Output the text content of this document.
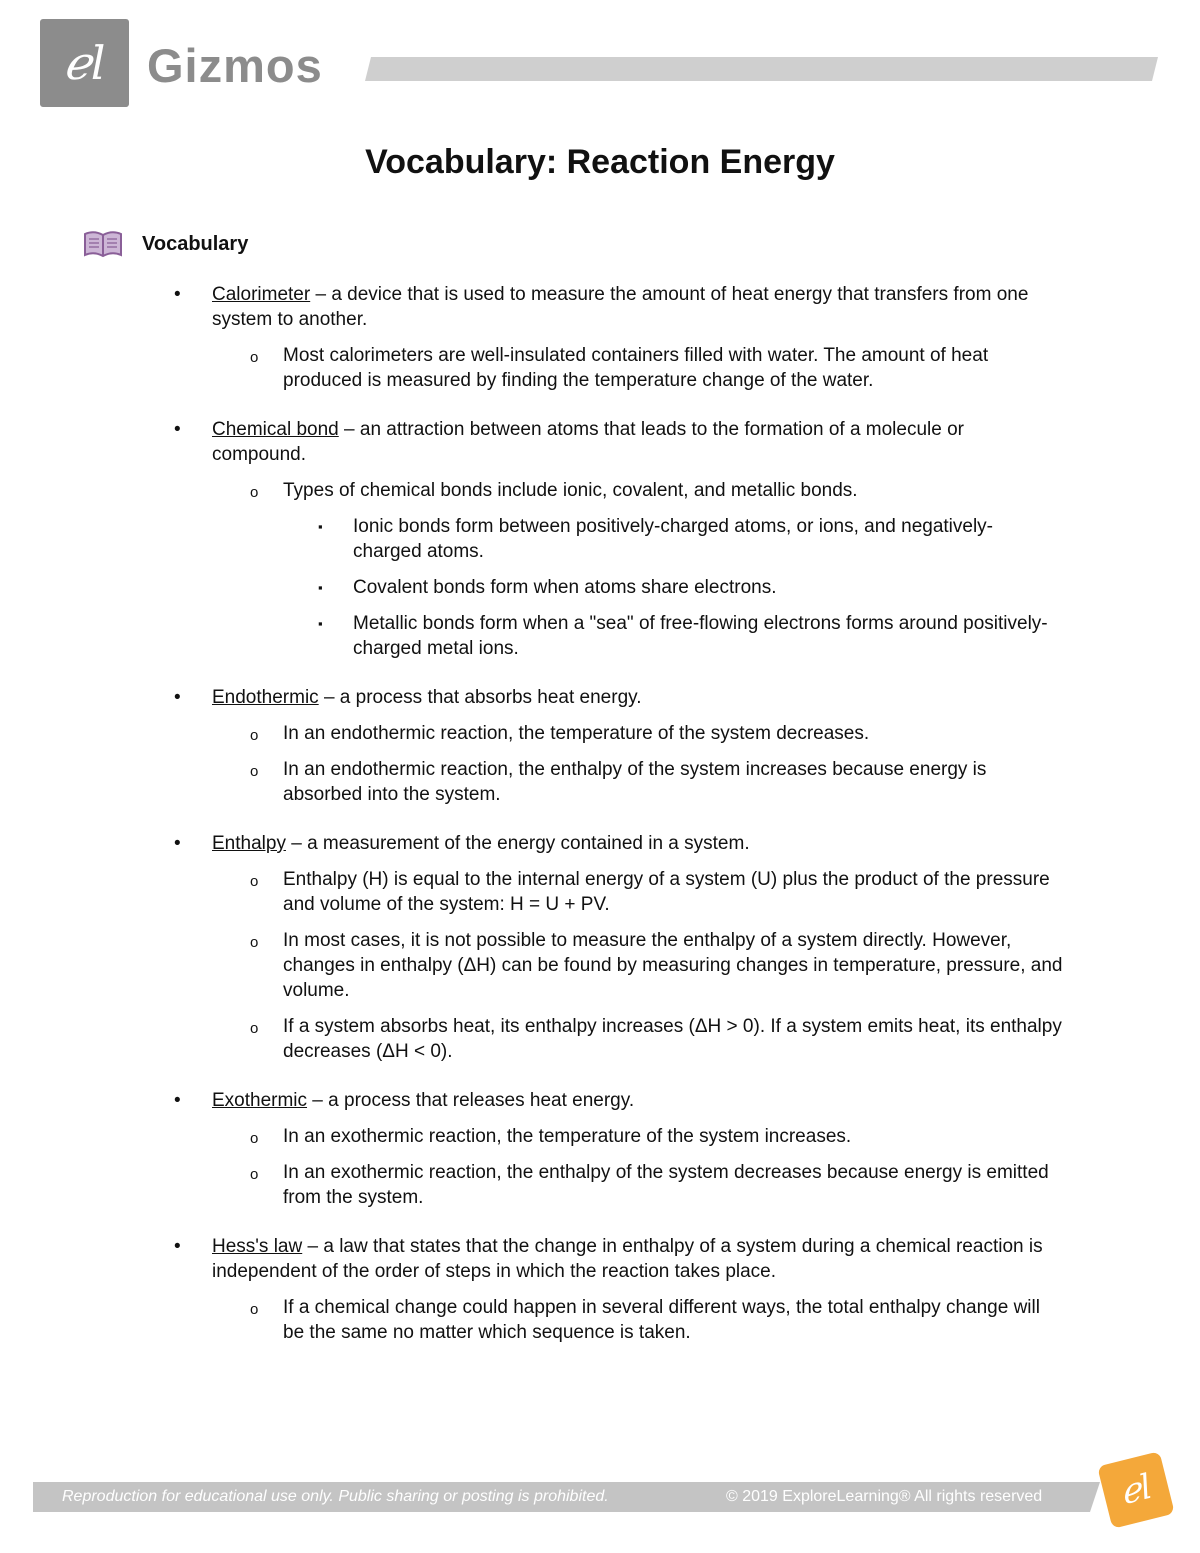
ℯl Gizmos
Vocabulary: Reaction Energy
Vocabulary
• Calorimeter – a device that is used to measure the amount of heat energy that transfers from one system to another.
o Most calorimeters are well-insulated containers filled with water. The amount of heat produced is measured by finding the temperature change of the water.
• Chemical bond – an attraction between atoms that leads to the formation of a molecule or compound.
o Types of chemical bonds include ionic, covalent, and metallic bonds.
▪ Ionic bonds form between positively-charged atoms, or ions, and negatively-charged atoms.
▪ Covalent bonds form when atoms share electrons.
▪ Metallic bonds form when a "sea" of free-flowing electrons forms around positively-charged metal ions.
• Endothermic – a process that absorbs heat energy.
o In an endothermic reaction, the temperature of the system decreases.
o In an endothermic reaction, the enthalpy of the system increases because energy is absorbed into the system.
• Enthalpy – a measurement of the energy contained in a system.
o Enthalpy (H) is equal to the internal energy of a system (U) plus the product of the pressure and volume of the system: H = U + PV.
o In most cases, it is not possible to measure the enthalpy of a system directly. However, changes in enthalpy (ΔH) can be found by measuring changes in temperature, pressure, and volume.
o If a system absorbs heat, its enthalpy increases (ΔH > 0). If a system emits heat, its enthalpy decreases (ΔH < 0).
• Exothermic – a process that releases heat energy.
o In an exothermic reaction, the temperature of the system increases.
o In an exothermic reaction, the enthalpy of the system decreases because energy is emitted from the system.
• Hess's law – a law that states that the change in enthalpy of a system during a chemical reaction is independent of the order of steps in which the reaction takes place.
o If a chemical change could happen in several different ways, the total enthalpy change will be the same no matter which sequence is taken.
Reproduction for educational use only. Public sharing or posting is prohibited.	© 2019 ExploreLearning® All rights reserved	ℯl
